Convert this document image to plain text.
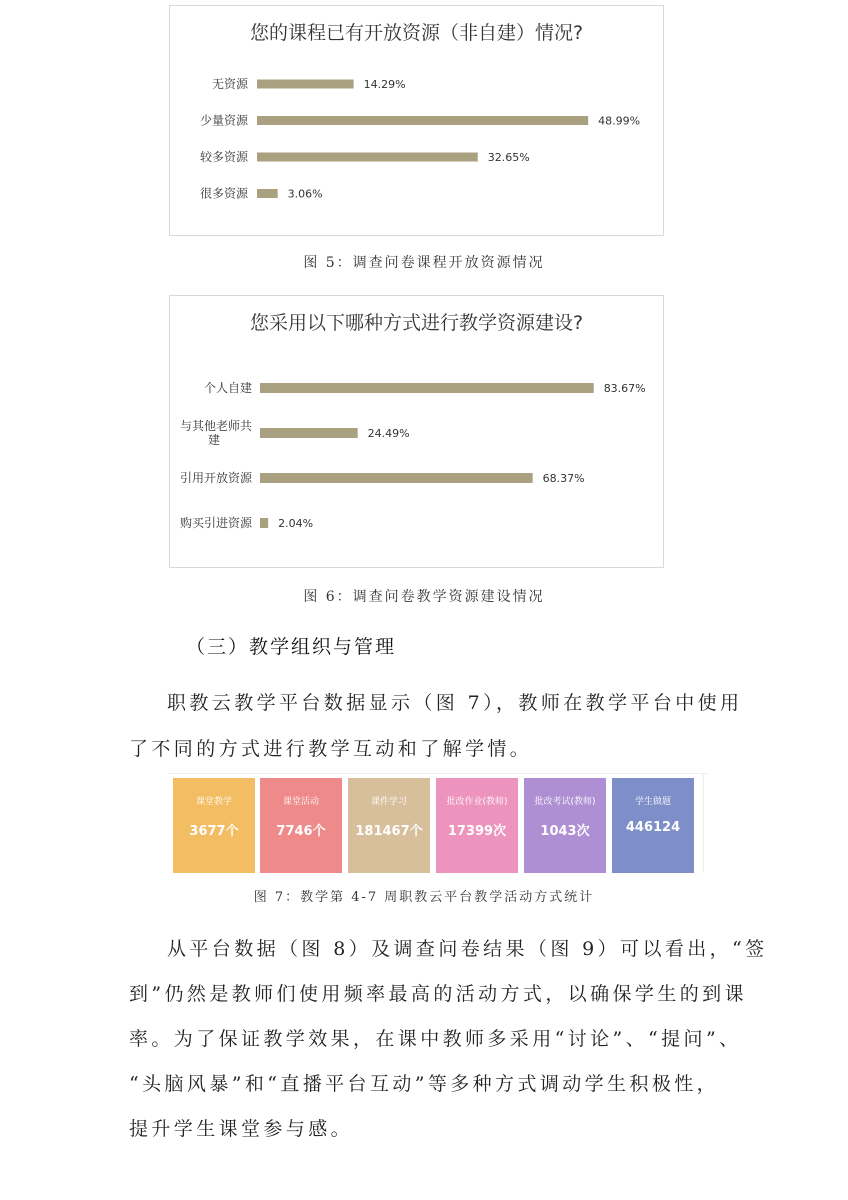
您的课程已有开放资源（非自建）情况?
无资源	14.29%
少量资源	48.99%
较多资源	32.65%
很多资源	3.06%
图 5：调查问卷课程开放资源情况
您采用以下哪种方式进行教学资源建设?
个人自建	83.67%
与其他老师共
建	24.49%
引用开放资源	68.37%
购买引进资源 2.04%
图 6：调查问卷教学资源建设情况
（三）教学组织与管理
职教云教学平台数据显示（图 7），教师在教学平台中使用
了不同的方式进行教学互动和了解学情。
课堂教学
3677个
课堂活动
7746个
课件学习
181467个
批改作业(教师)
17399次
批改考试(教师)
1043次
学生做题
446124
图 7：教学第 4-7 周职教云平台教学活动方式统计
从平台数据（图 8）及调查问卷结果（图 9）可以看出，“签
到”仍然是教师们使用频率最高的活动方式，以确保学生的到课
率。为了保证教学效果，在课中教师多采用“讨论”、“提问”、
“头脑风暴”和“直播平台互动”等多种方式调动学生积极性，
提升学生课堂参与感。
